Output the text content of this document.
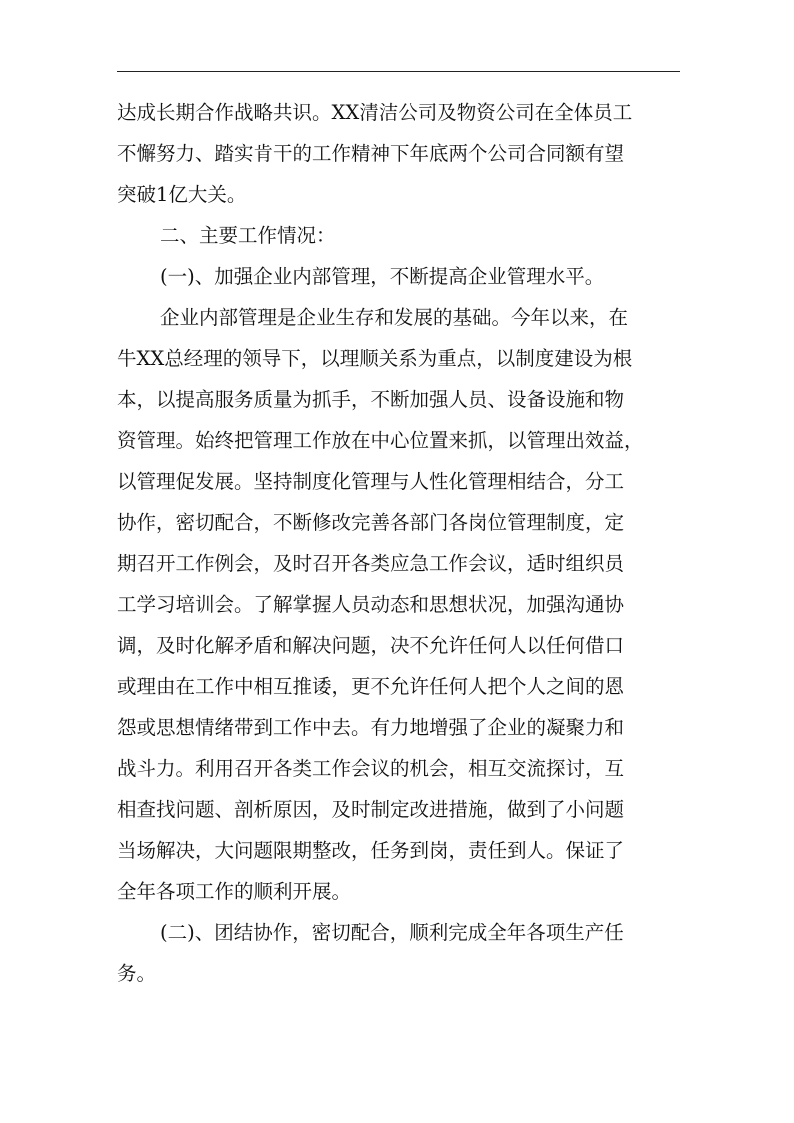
达成长期合作战略共识。XX清洁公司及物资公司在全体员工
不懈努力、踏实肯干的工作精神下年底两个公司合同额有望
突破1亿大关。
二、主要工作情况：
(一)、加强企业内部管理，不断提高企业管理水平。
企业内部管理是企业生存和发展的基础。今年以来，在
牛XX总经理的领导下，以理顺关系为重点，以制度建设为根
本，以提高服务质量为抓手，不断加强人员、设备设施和物
资管理。始终把管理工作放在中心位置来抓，以管理出效益，
以管理促发展。坚持制度化管理与人性化管理相结合，分工
协作，密切配合，不断修改完善各部门各岗位管理制度，定
期召开工作例会，及时召开各类应急工作会议，适时组织员
工学习培训会。了解掌握人员动态和思想状况，加强沟通协
调，及时化解矛盾和解决问题，决不允许任何人以任何借口
或理由在工作中相互推诿，更不允许任何人把个人之间的恩
怨或思想情绪带到工作中去。有力地增强了企业的凝聚力和
战斗力。利用召开各类工作会议的机会，相互交流探讨，互
相查找问题、剖析原因，及时制定改进措施，做到了小问题
当场解决，大问题限期整改，任务到岗，责任到人。保证了
全年各项工作的顺利开展。
(二)、团结协作，密切配合，顺利完成全年各项生产任
务。
